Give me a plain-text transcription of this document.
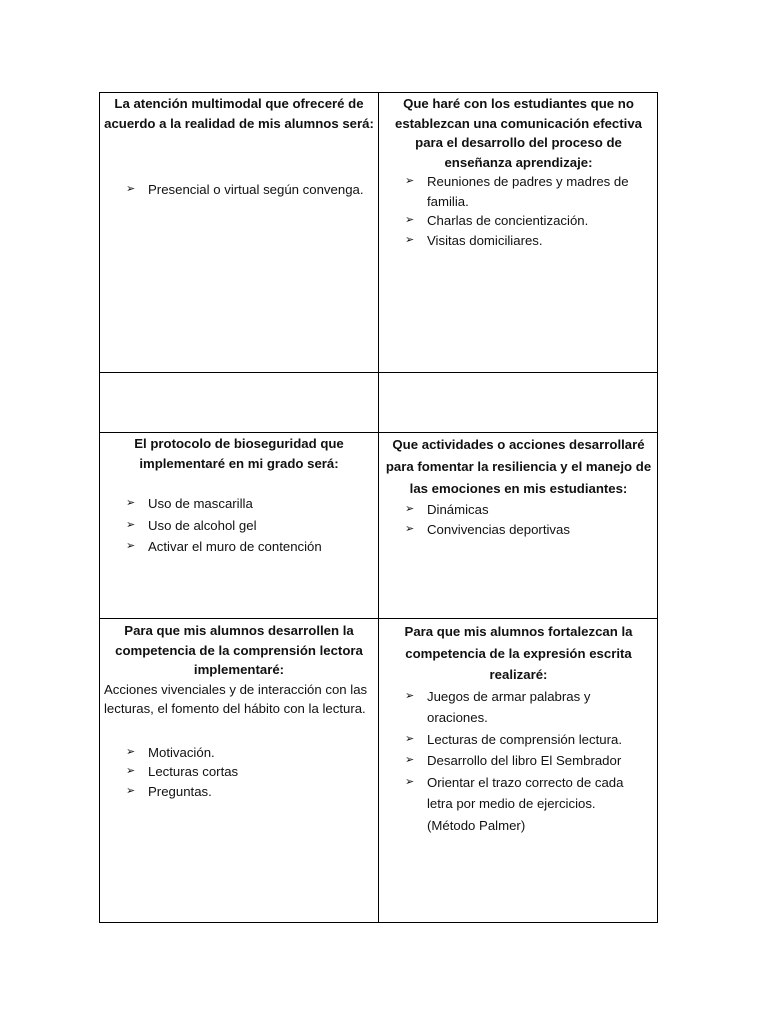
La atención multimodal que ofreceré de acuerdo a la realidad de mis alumnos será:

➢ Presencial o virtual según convenga.

Que haré con los estudiantes que no establezcan una comunicación efectiva para el desarrollo del proceso de enseñanza aprendizaje:

➢ Reuniones de padres y madres de familia.
➢ Charlas de concientización.
➢ Visitas domiciliares.

El protocolo de bioseguridad que implementaré en mi grado será:

➢ Uso de mascarilla
➢ Uso de alcohol gel
➢ Activar el muro de contención

Que actividades o acciones desarrollaré para fomentar la resiliencia y el manejo de las emociones en mis estudiantes:

➢ Dinámicas
➢ Convivencias deportivas

Para que mis alumnos desarrollen la competencia de la comprensión lectora implementaré:

Acciones vivenciales y de interacción con las lecturas, el fomento del hábito con la lectura.

➢ Motivación.
➢ Lecturas cortas
➢ Preguntas.

Para que mis alumnos fortalezcan la competencia de la expresión escrita realizaré:

➢ Juegos de armar palabras y oraciones.
➢ Lecturas de comprensión lectura.
➢ Desarrollo del libro El Sembrador
➢ Orientar el trazo correcto de cada letra por medio de ejercicios. (Método Palmer)
